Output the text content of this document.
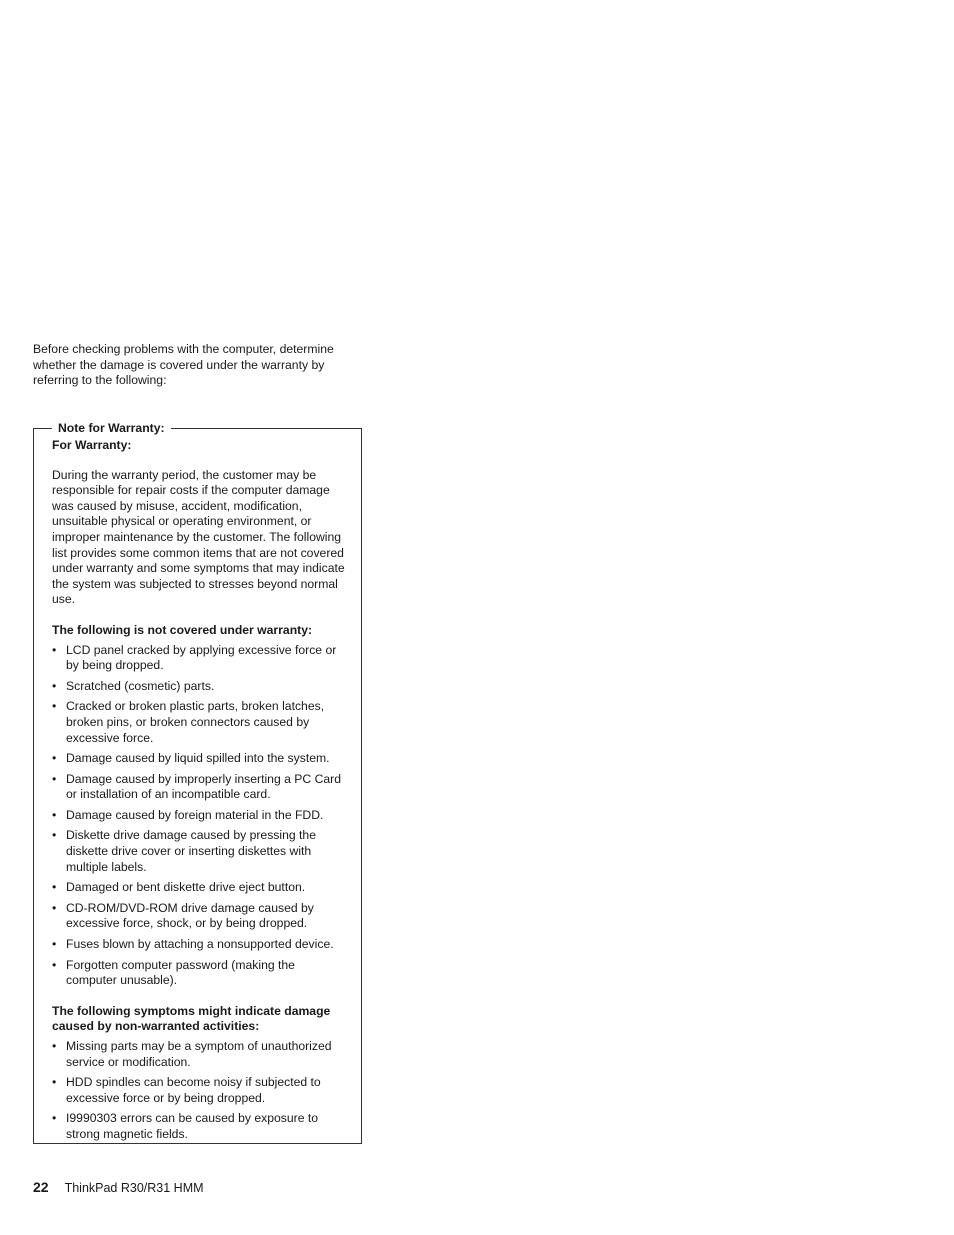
Before checking problems with the computer, determine whether the damage is covered under the warranty by referring to the following:

Note for Warranty:

For Warranty:

During the warranty period, the customer may be responsible for repair costs if the computer damage was caused by misuse, accident, modification, unsuitable physical or operating environment, or improper maintenance by the customer. The following list provides some common items that are not covered under warranty and some symptoms that may indicate the system was subjected to stresses beyond normal use.

The following is not covered under warranty:

• LCD panel cracked by applying excessive force or by being dropped.
• Scratched (cosmetic) parts.
• Cracked or broken plastic parts, broken latches, broken pins, or broken connectors caused by excessive force.
• Damage caused by liquid spilled into the system.
• Damage caused by improperly inserting a PC Card or installation of an incompatible card.
• Damage caused by foreign material in the FDD.
• Diskette drive damage caused by pressing the diskette drive cover or inserting diskettes with multiple labels.
• Damaged or bent diskette drive eject button.
• CD-ROM/DVD-ROM drive damage caused by excessive force, shock, or by being dropped.
• Fuses blown by attaching a nonsupported device.
• Forgotten computer password (making the computer unusable).

The following symptoms might indicate damage caused by non-warranted activities:

• Missing parts may be a symptom of unauthorized service or modification.
• HDD spindles can become noisy if subjected to excessive force or by being dropped.
• I9990303 errors can be caused by exposure to strong magnetic fields.
22 ThinkPad R30/R31 HMM
